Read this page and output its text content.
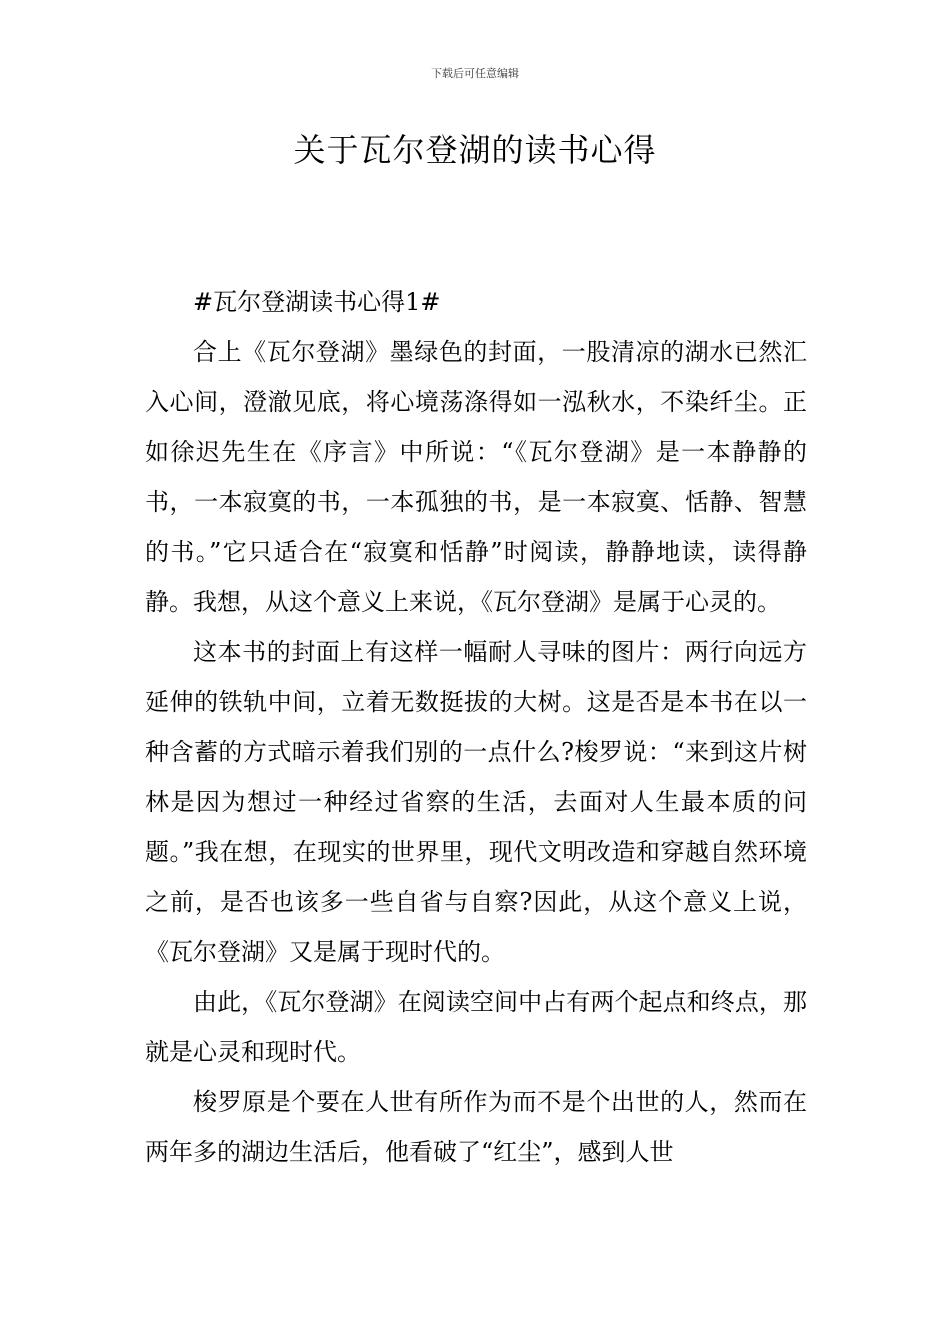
下载后可任意编辑
关于瓦尔登湖的读书心得

#瓦尔登湖读书心得1#

合上《瓦尔登湖》墨绿色的封面，一股清凉的湖水已然汇入心间，澄澈见底，将心境荡涤得如一泓秋水，不染纤尘。正如徐迟先生在《序言》中所说：“《瓦尔登湖》是一本静静的书，一本寂寞的书，一本孤独的书，是一本寂寞、恬静、智慧的书。”它只适合在“寂寞和恬静”时阅读，静静地读，读得静静。我想，从这个意义上来说，《瓦尔登湖》是属于心灵的。

这本书的封面上有这样一幅耐人寻味的图片：两行向远方延伸的铁轨中间，立着无数挺拔的大树。这是否是本书在以一种含蓄的方式暗示着我们别的一点什么?梭罗说：“来到这片树林是因为想过一种经过省察的生活，去面对人生最本质的问题。”我在想，在现实的世界里，现代文明改造和穿越自然环境之前，是否也该多一些自省与自察?因此，从这个意义上说，《瓦尔登湖》又是属于现时代的。

由此，《瓦尔登湖》在阅读空间中占有两个起点和终点，那就是心灵和现时代。

梭罗原是个要在人世有所作为而不是个出世的人，然而在两年多的湖边生活后，他看破了“红尘”，感到人世
